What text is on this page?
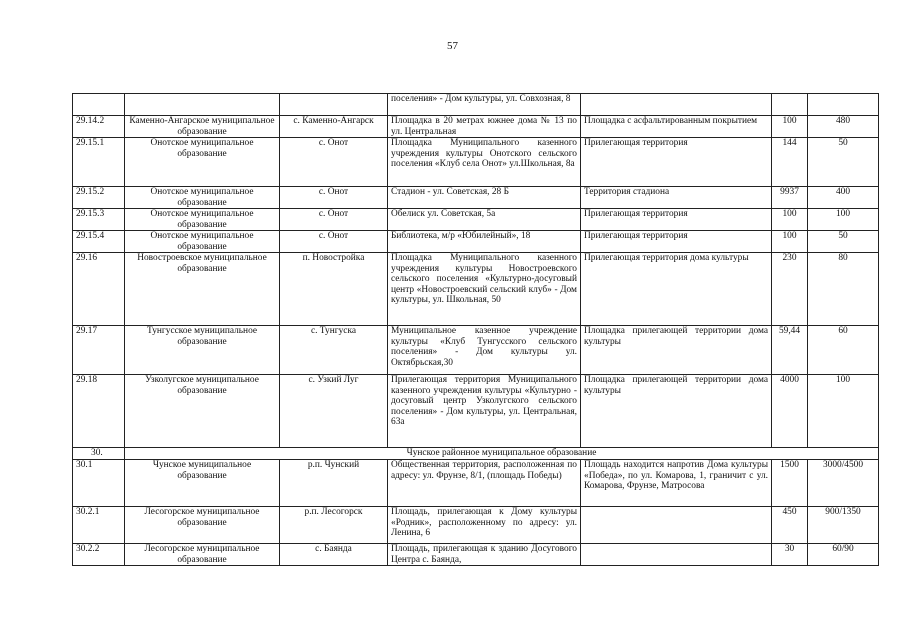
57
			поселения» - Дом культуры, ул. Совхозная, 8			
29.14.2	Каменно-Ангарское муниципальное образование	с. Каменно-Ангарск	Площадка в 20 метрах южнее дома № 13 по ул. Центральная	Площадка с асфальтированным покрытием	100	480
29.15.1	Онотское муниципальное образование	с. Онот	Площадка Муниципального казенного учреждения культуры Онотского сельского поселения «Клуб села Онот» ул.Школьная, 8а	Прилегающая территория	144	50
29.15.2	Онотское муниципальное образование	с. Онот	Стадион - ул. Советская, 28 Б	Территория стадиона	9937	400
29.15.3	Онотское муниципальное образование	с. Онот	Обелиск ул. Советская, 5а	Прилегающая территория	100	100
29.15.4	Онотское муниципальное образование	с. Онот	Библиотека, м/р «Юбилейный», 18	Прилегающая территория	100	50
29.16	Новостроевское муниципальное образование	п. Новостройка	Площадка Муниципального казенного учреждения культуры Новостроевского сельского поселения «Культурно-досуговый центр «Новостроевский сельский клуб» - Дом культуры, ул. Школьная, 50	Прилегающая территория дома культуры	230	80
29.17	Тунгусское муниципальное образование	с. Тунгуска	Муниципальное казенное учреждение культуры «Клуб Тунгусского сельского поселения» - Дом культуры ул. Октябрьская,30	Площадка прилегающей территории дома культуры	59,44	60
29.18	Узколугское муниципальное образование	с. Узкий Луг	Прилегающая территория Муниципального казенного учреждения культуры «Культурно - досуговый центр Узколугского сельского поселения» - Дом культуры, ул. Центральная, 63а	Площадка прилегающей территории дома культуры	4000	100
30.	Чунское районное муниципальное образование					
30.1	Чунское муниципальное образование	р.п. Чунский	Общественная территория, расположенная по адресу: ул. Фрунзе, 8/1, (площадь Победы)	Площадь находится напротив Дома культуры «Победа», по ул. Комарова, 1, граничит с ул. Комарова, Фрунзе, Матросова	1500	3000/4500
30.2.1	Лесогорское муниципальное образование	р.п. Лесогорск	Площадь, прилегающая к Дому культуры «Родник», расположенному по адресу: ул. Ленина, 6		450	900/1350
30.2.2	Лесогорское муниципальное образование	с. Баянда	Площадь, прилегающая к зданию Досугового Центра с. Баянда,		30	60/90
